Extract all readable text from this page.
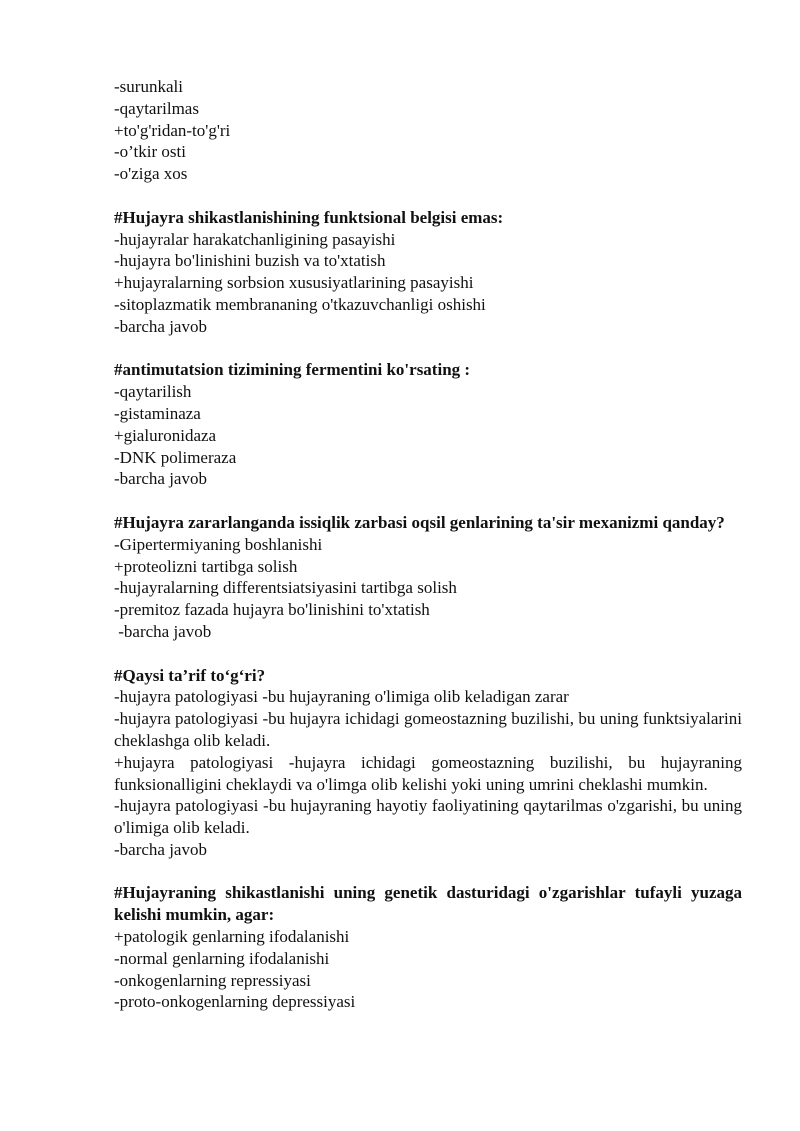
-surunkali
-qaytarilmas
+to'g'ridan-to'g'ri
-o’tkir osti
-o'ziga xos
#Hujayra shikastlanishining funktsional belgisi emas:
-hujayralar harakatchanligining pasayishi
-hujayra bo'linishini buzish va to'xtatish
+hujayralarning sorbsion xususiyatlarining pasayishi
-sitoplazmatik membrananing o'tkazuvchanligi oshishi
-barcha javob
#antimutatsion tizimining fermentini ko'rsating :
-qaytarilish
-gistaminaza
+gialuronidaza
-DNK polimeraza
-barcha javob
#Hujayra zararlanganda issiqlik zarbasi oqsil genlarining ta'sir mexanizmi qanday?
-Gipertermiyaning boshlanishi
+proteolizni tartibga solish
-hujayralarning differentsiatsiyasini tartibga solish
-premitoz fazada hujayra bo'linishini to'xtatish
-barcha javob
#Qaysi ta’rif to‘g‘ri?
-hujayra patologiyasi -bu hujayraning o'limiga olib keladigan zarar
-hujayra patologiyasi -bu hujayra ichidagi gomeostazning buzilishi, bu uning funktsiyalarini cheklashga olib keladi.
+hujayra patologiyasi -hujayra ichidagi gomeostazning buzilishi, bu hujayraning funksionalligini cheklaydi va o'limga olib kelishi yoki uning umrini cheklashi mumkin.
-hujayra patologiyasi -bu hujayraning hayotiy faoliyatining qaytarilmas o'zgarishi, bu uning o'limiga olib keladi.
-barcha javob
#Hujayraning shikastlanishi uning genetik dasturidagi o'zgarishlar tufayli yuzaga kelishi mumkin, agar:
+patologik genlarning ifodalanishi
-normal genlarning ifodalanishi
-onkogenlarning repressiyasi
-proto-onkogenlarning depressiyasi
